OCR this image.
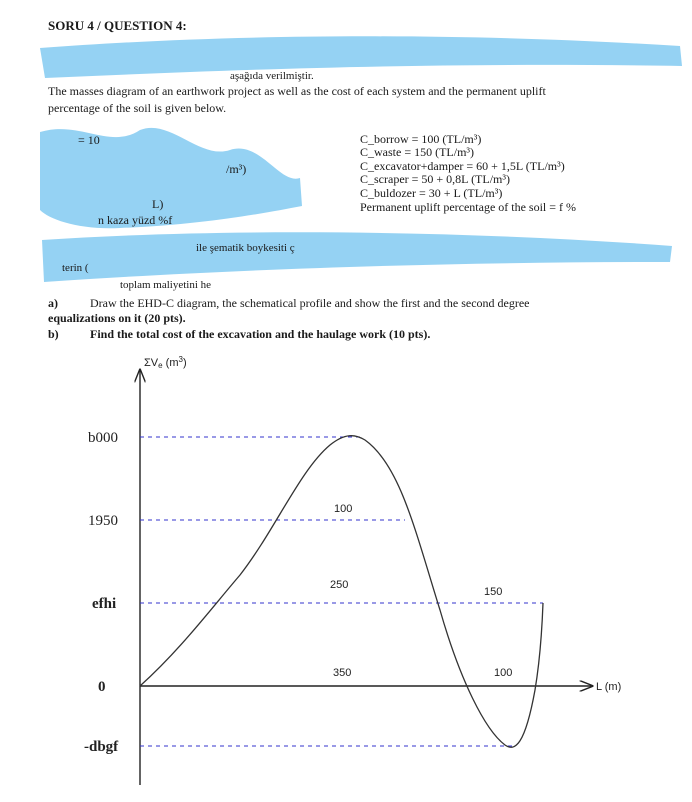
SORU 4 / QUESTION 4:
aşağıda verilmiştir.
The masses diagram of an earthwork project as well as the cost of each system and the permanent uplift
percentage of the soil is given below.
= 10
/m³)
L)
n kaza yüzd %f
C_borrow = 100 (TL/m³)
C_waste = 150 (TL/m³)
C_excavator+damper = 60 + 1,5L (TL/m³)
C_scraper = 50 + 0,8L (TL/m³)
C_buldozer = 30 + L (TL/m³)
Permanent uplift percentage of the soil = f %
ile şematik boykesiti ç
terin (
toplam maliyetini he
a)	Draw the EHD-C diagram, the schematical profile and show the first and the second degree
equalizations on it (20 pts).
b)	Find the total cost of the excavation and the haulage work (10 pts).
ΣVe $(m^3)$
L (m)
b000
1950
efhi
0
-dbgf
100
250
150
350	100
